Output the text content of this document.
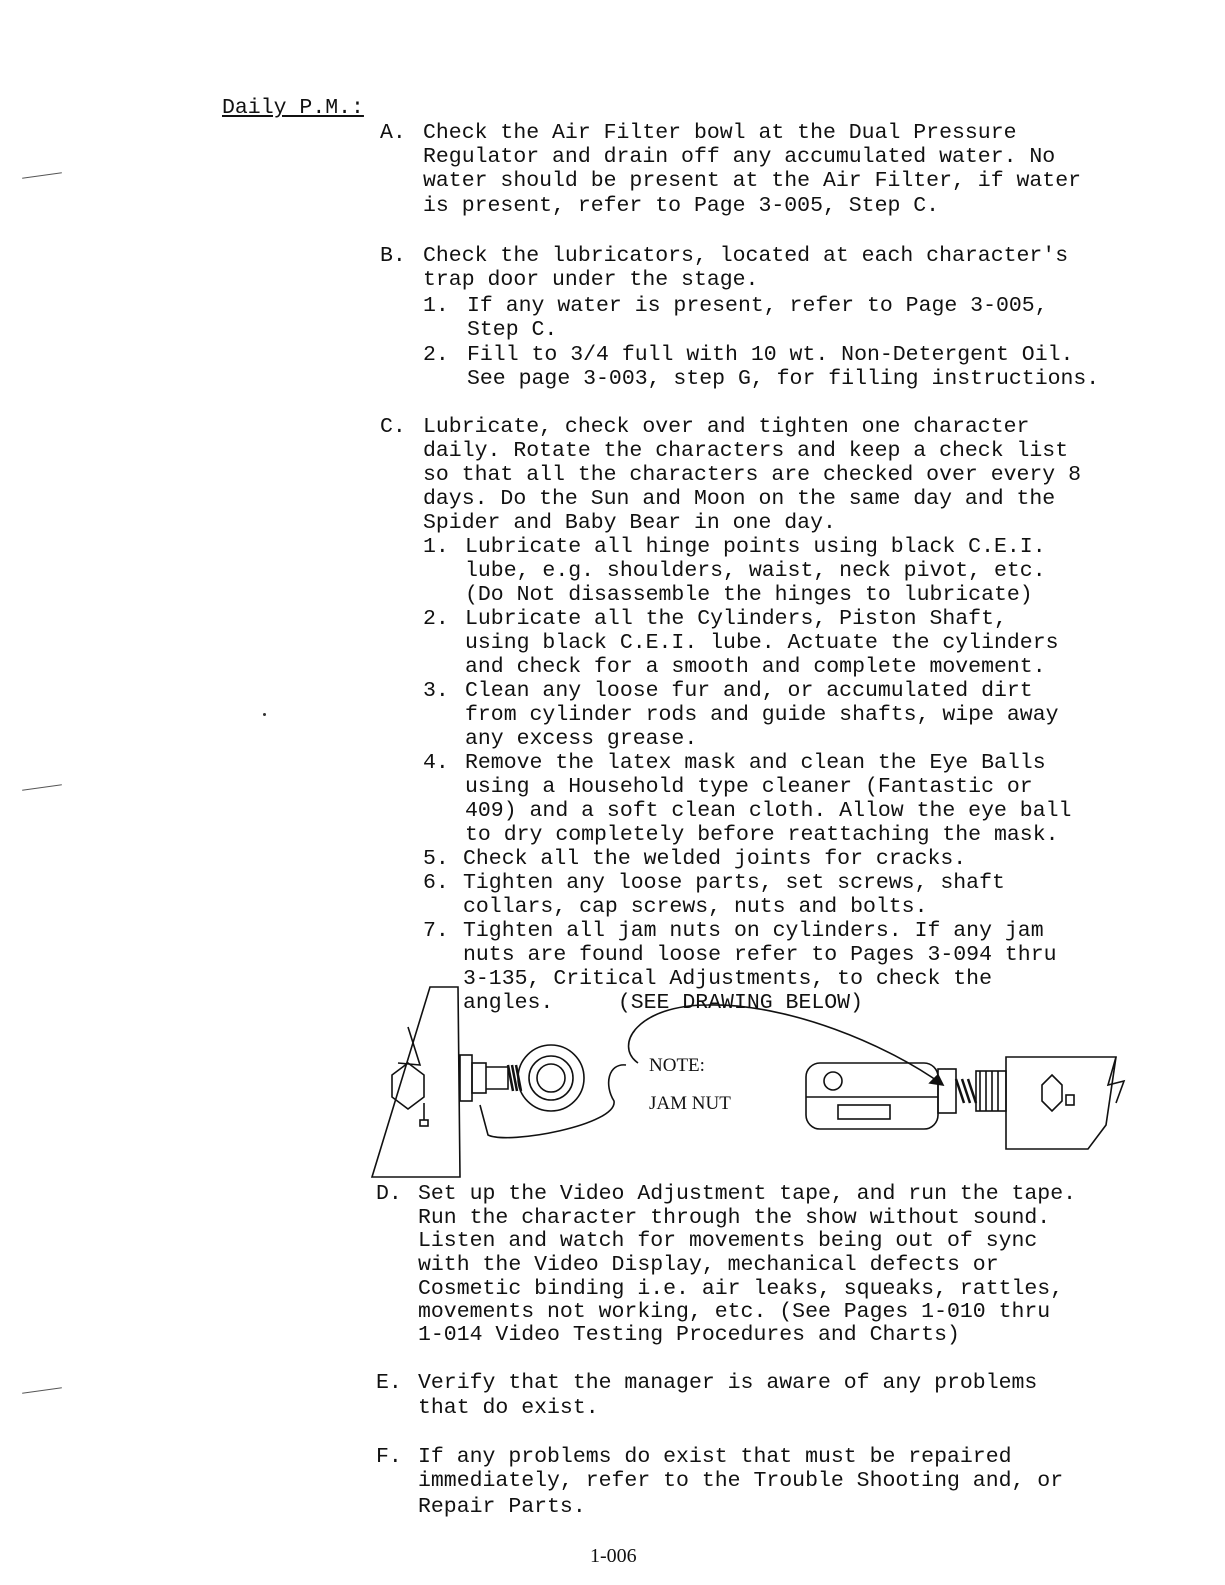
Daily P.M.:
A. Check the Air Filter bowl at the Dual Pressure
Regulator and drain off any accumulated water. No
water should be present at the Air Filter, if water
is present, refer to Page 3-005, Step C.
B. Check the lubricators, located at each character's
trap door under the stage.
1. If any water is present, refer to Page 3-005,
Step C.
2. Fill to 3/4 full with 10 wt. Non-Detergent Oil.
See page 3-003, step G, for filling instructions.
C. Lubricate, check over and tighten one character
daily. Rotate the characters and keep a check list
so that all the characters are checked over every 8
days. Do the Sun and Moon on the same day and the
Spider and Baby Bear in one day.
1. Lubricate all hinge points using black C.E.I.
lube, e.g. shoulders, waist, neck pivot, etc.
(Do Not disassemble the hinges to lubricate)
2. Lubricate all the Cylinders, Piston Shaft,
using black C.E.I. lube. Actuate the cylinders
and check for a smooth and complete movement.
3. Clean any loose fur and, or accumulated dirt
from cylinder rods and guide shafts, wipe away
any excess grease.
4. Remove the latex mask and clean the Eye Balls
using a Household type cleaner (Fantastic or
409) and a soft clean cloth. Allow the eye ball
to dry completely before reattaching the mask.
5. Check all the welded joints for cracks.
6. Tighten any loose parts, set screws, shaft
collars, cap screws, nuts and bolts.
7. Tighten all jam nuts on cylinders. If any jam
nuts are found loose refer to Pages 3-094 thru
3-135, Critical Adjustments, to check the
angles.     (SEE DRAWING BELOW)
NOTE:
JAM NUT
D. Set up the Video Adjustment tape, and run the tape.
Run the character through the show without sound.
Listen and watch for movements being out of sync
with the Video Display, mechanical defects or
Cosmetic binding i.e. air leaks, squeaks, rattles,
movements not working, etc. (See Pages 1-010 thru
1-014 Video Testing Procedures and Charts)
E. Verify that the manager is aware of any problems
that do exist.
F. If any problems do exist that must be repaired
immediately, refer to the Trouble Shooting and, or
Repair Parts.
1-006
